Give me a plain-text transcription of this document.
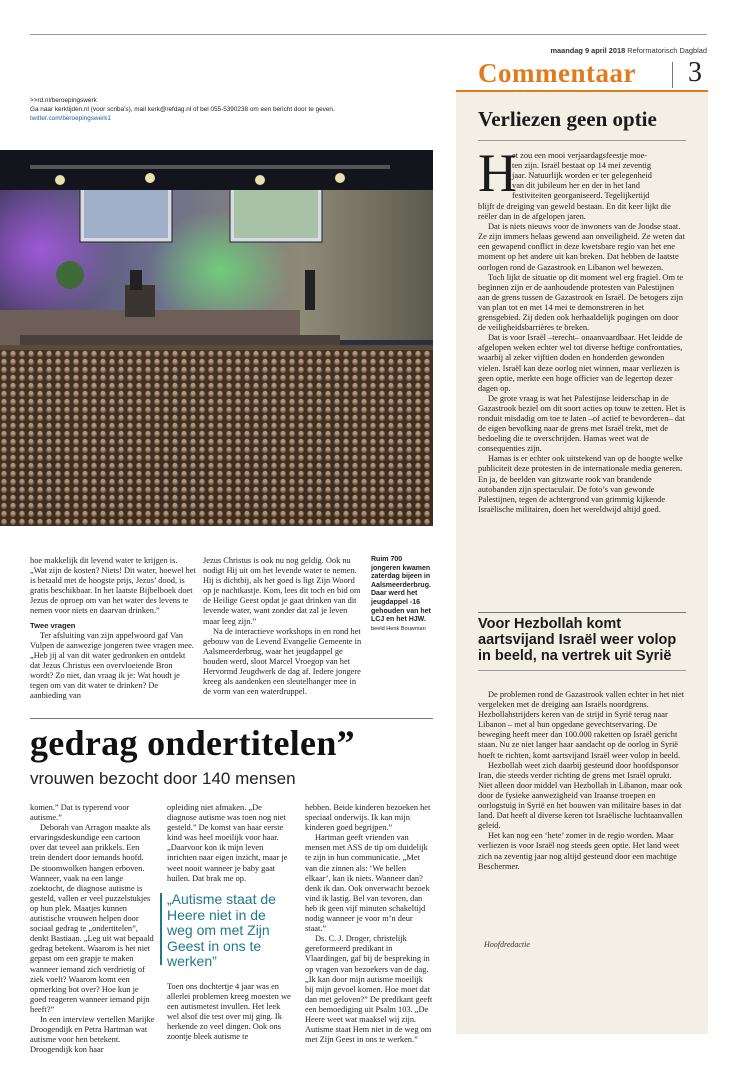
maandag 9 april 2018 Reformatorisch Dagblad
Commentaar 3
>>rd.nl/beroepingswerk
Ga naar kerktijden.nl (voor scriba’s), mail kerk@refdag.nl of bel 055-5390238 om een bericht door te geven.
twitter.com/beroepingswerk1

hoe makkelijk dit levend water te krijgen is. „Wat zijn de kosten? Niets! Dit water, hoewel het is betaald met de hoogste prijs, Jezus’ dood, is gratis beschikbaar. In het laatste Bijbelboek doet Jezus de oproep om van het water des levens te nemen voor niets en daarvan drinken.”

Twee vragen

Ter afsluiting van zijn appelwoord gaf Van Vulpen de aanwezige jongeren twee vragen mee. „Heb jij al van dit water gedronken en ontdekt dat Jezus Christus een overvloeiende Bron wordt? Zo niet, dan vraag ik je: Wat houdt je tegen om van dit water te drinken? De aanbieding van

Jezus Christus is ook nu nog geldig. Ook nu nodigt Hij uit om het levende water te nemen. Hij is dichtbij, als het goed is ligt Zijn Woord op je nachtkastje. Kom, lees dit toch en bid om de Heilige Geest opdat je gaat drinken van dit levende water, want zonder dat zal je leven maar leeg zijn.”

Na de interactieve workshops in en rond het gebouw van de Levend Evangelie Gemeente in Aalsmeerderbrug, waar het jeugdappel ge houden werd, sloot Marcel Vroegop van het Hervormd Jeugdwerk de dag af. Iedere jongere kreeg als aandenken een sleutelhanger mee in de vorm van een waterdruppel.

Ruim 700 jongeren kwamen zaterdag bijeen in Aalsmeerderbrug. Daar werd het jeugdappel -16 gehouden van het LCJ en het HJW. beeld Henk Bouwman
gedrag ondertitelen”
vrouwen bezocht door 140 mensen

komen.” Dat is typerend voor autisme.”

Deborah van Arragon maakte als ervaringsdeskundige een cartoon over dat teveel aan prikkels. Een trein dendert door iemands hoofd. De stoomwolken hangen erboven. Wanneer, vaak na een lange zoektocht, de diagnose autisme is gesteld, vallen er veel puzzelstukjes op hun plek. Maatjes kunnen autistische vrouwen helpen door sociaal gedrag te „ondertitelen”, denkt Bastiaan. „Leg uit wat bepaald gedrag betekent. Waarom is het niet gepast om een grapje te maken wanneer iemand zich verdrietig of ziek voelt? Waarom komt een opmerking bot over? Hoe kun je goed reageren wanneer iemand pijn heeft?”

In een interview vertellen Marijke Droogendijk en Petra Hartman wat autisme voor hen betekent. Droogendijk kon haar

opleiding niet afmaken. „De diagnose autisme was toen nog niet gesteld.” De komst van haar eerste kind was heel moeilijk voor haar. „Daarvoor kon ik mijn leven inrichten naar eigen inzicht, maar je weet nooit wanneer je baby gaat huilen. Dat brak me op.

„Autisme staat de Heere niet in de weg om met Zijn Geest in ons te werken”

Toen ons dochtertje 4 jaar was en allerlei problemen kreeg moesten we een autismetest invullen. Het leek wel alsof die test over mij ging. Ik herkende zo veel dingen. Ook ons zoontje bleek autisme te

hebben. Beide kinderen bezoeken het speciaal onderwijs. Ik kan mijn kinderen goed begrijpen.”

Hartman geeft vrienden van mensen met ASS de tip om duidelijk te zijn in hun communicatie. „Met van die zinnen als: ‘We bellen elkaar’, kan ik niets. Wanneer dan? denk ik dan. Ook onverwacht bezoek vind ik lastig. Bel van tevoren, dan heb ik geen vijf minuten schakeltijd nodig wanneer je voor m’n deur staat.”

Ds. C. J. Droger, christelijk gereformeerd predikant in Vlaardingen, gaf bij de bespreking in op vragen van bezoekers van de dag. „Ik kan door mijn autisme moeilijk bij mijn gevoel komen. Hoe moet dat dan met geloven?” De predikant geeft een bemoediging uit Psalm 103. „De Heere weet wat maaksel wij zijn. Autisme staat Hem niet in de weg om met Zijn Geest in ons te werken.”

Verliezen geen optie
H
et zou een mooi verjaardagsfeestje moe-
ten zijn. Israël bestaat op 14 mei zeventig
jaar. Natuurlijk worden er ter gelegenheid
van dit jubileum her en der in het land
festiviteiten georganiseerd. Tegelijkertijd

blijft de dreiging van geweld bestaan. En dit keer lijkt die reëler dan in de afgelopen jaren.

Dat is niets nieuws voor de inwoners van de Joodse staat. Ze zijn immers helaas gewend aan onveiligheid. Ze weten dat een gewapend conflict in deze kwetsbare regio van het ene moment op het andere uit kan breken. Dat hebben de laatste oorlogen rond de Gazastrook en Libanon wel bewezen.

Toch lijkt de situatie op dit moment wel erg fragiel. Om te beginnen zijn er de aanhoudende protesten van Palestijnen aan de grens tussen de Gazastrook en Israël. De betogers zijn van plan tot en met 14 mei te demonstreren in het grensgebied. Zij deden ook herhaaldelijk pogingen om door de veiligheidsbarrières te breken.

Dat is voor Israël –terecht– onaanvaardbaar. Het leidde de afgelopen weken echter wel tot diverse heftige confrontaties, waarbij al zeker vijftien doden en honderden gewonden vielen. Israël kan deze oorlog niet winnen, maar verliezen is geen optie, merkte een hoge officier van de legertop dezer dagen op.

De grote vraag is wat het Palestijnse leiderschap in de Gazastrook beziel om dit soort acties op touw te zetten. Het is ronduit misdadig om toe te laten –of actief te bevorderen– dat de eigen bevolking naar de grens met Israël trekt, met de bedoeling die te overschrijden. Hamas weet wat de consequenties zijn.

Hamas is er echter ook uitstekend van op de hoogte welke publiciteit deze protesten in de internationale media generen. En ja, de beelden van gitzwarte rook van brandende autobanden zijn spectaculair. De foto’s van gewonde Palestijnen, tegen de achtergrond van grimmig kijkende Israëlische militairen, doen het wereldwijd altijd goed.

Voor Hezbollah komt aartsvijand Israël weer volop in beeld, na vertrek uit Syrië

De problemen rond de Gazastrook vallen echter in het niet vergeleken met de dreiging aan Israëls noordgrens. Hezbollahstrijders keren van de strijd in Syrië terug naar Libanon – met al hun opgedane gevechtservaring. De beweging heeft meer dan 100.000 raketten op Israël gericht staan. Nu ze niet langer haar aandacht op de oorlog in Syrië hoeft te richten, komt aartsvijand Israël weer volop in beeld.

Hezbollah weet zich daarbij gesteund door hoofdsponsor Iran, die steeds verder richting de grens met Israël oprukt. Niet alleen door middel van Hezbollah in Libanon, maar ook door de fysieke aanwezigheid van Iraanse troepen en oorlogstuig in Syrië en het bouwen van militaire bases in dat land. Dat heeft al diverse keren tot Israëlische luchtaanvallen geleid.

Het kan nog een ‘hete’ zomer in de regio worden. Maar verliezen is voor Israël nog steeds geen optie. Het land weet zich na zeventig jaar nog altijd gesteund door een machtige Beschermer.

Hoofdredactie
